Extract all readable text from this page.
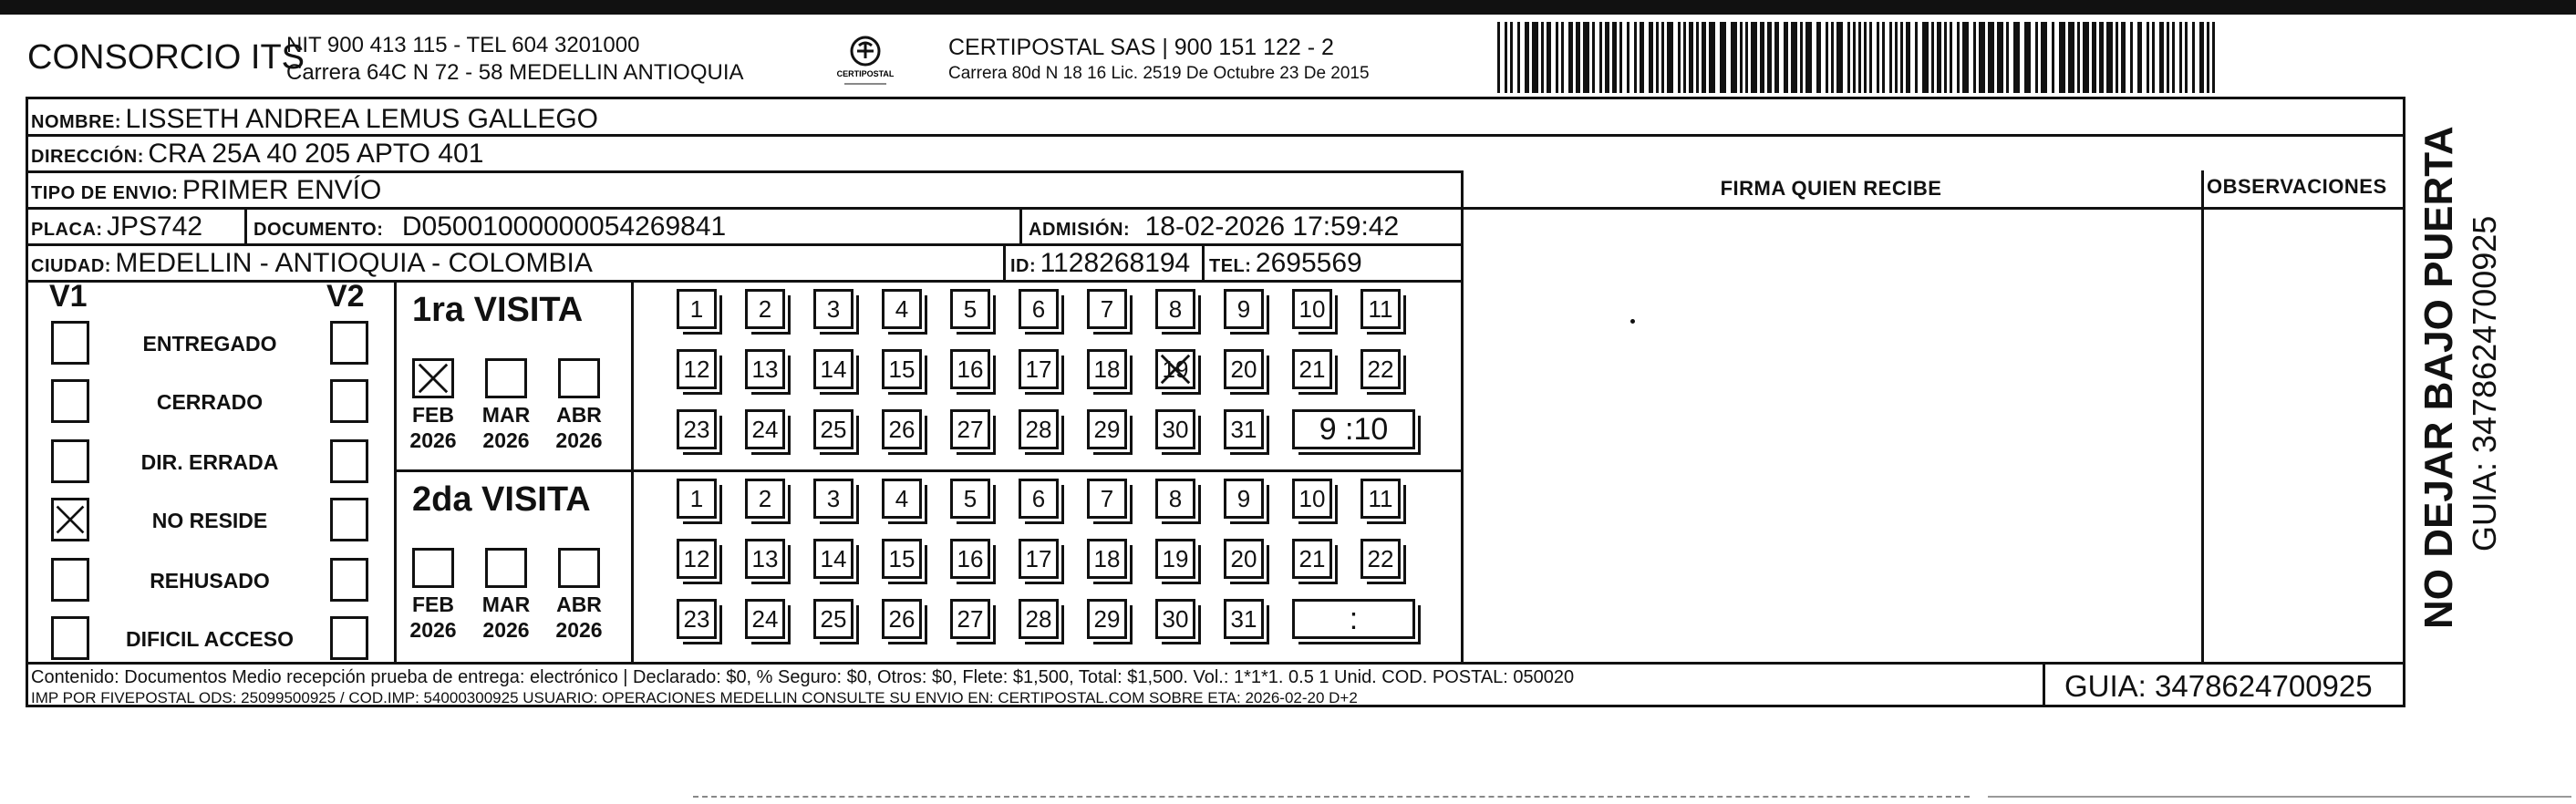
CONSORCIO ITS
NIT 900 413 115 - TEL 604 3201000
Carrera 64C N 72 - 58 MEDELLIN ANTIOQUIA	CERTIPOSTAL
CERTIPOSTAL SAS | 900 151 122 - 2
Carrera 80d N 18 16 Lic. 2519 De Octubre 23 De 2015
NOMBRE: LISSETH ANDREA LEMUS GALLEGO
DIRECCIÓN: CRA 25A 40 205 APTO 401
TIPO DE ENVIO: PRIMER ENVÍO
PLACA: JPS742	DOCUMENTO: D05001000000054269841	ADMISIÓN: 18-02-2026 17:59:42
CIUDAD: MEDELLIN - ANTIOQUIA - COLOMBIA	ID: 1128268194 TEL: 2695569
FIRMA QUIEN RECIBE	OBSERVACIONES
V1	V2
ENTREGADO
CERRADO
DIR. ERRADA
NO RESIDE
REHUSADO
DIFICIL ACCESO
1ra VISITA
FEB
2026
MAR
2026
ABR
2026
1	2	3	4	5	6	7	8	9	10	11
12 13 14 15 16 17 18 19 20 21 22
23 24 25 26 27 28 29 30 31	9 :10
2da VISITA
FEB
2026
MAR
2026
ABR
2026
1	2	3	4	5	6	7	8	9	10	11
12 13 14 15 16 17 18 19 20 21 22
23 24 25 26 27 28 29 30 31	:
Contenido: Documentos Medio recepción prueba de entrega: electrónico | Declarado: $0, % Seguro: $0, Otros: $0, Flete: $1,500, Total: $1,500. Vol.: 1*1*1. 0.5 1 Unid. COD. POSTAL: 050020
IMP POR FIVEPOSTAL ODS: 25099500925 / COD.IMP: 54000300925 USUARIO: OPERACIONES MEDELLIN CONSULTE SU ENVIO EN: CERTIPOSTAL.COM SOBRE ETA: 2026-02-20 D+2	GUIA: 3478624700925
NO DEJAR BAJO PUERTA GUIA: 3478624700925
